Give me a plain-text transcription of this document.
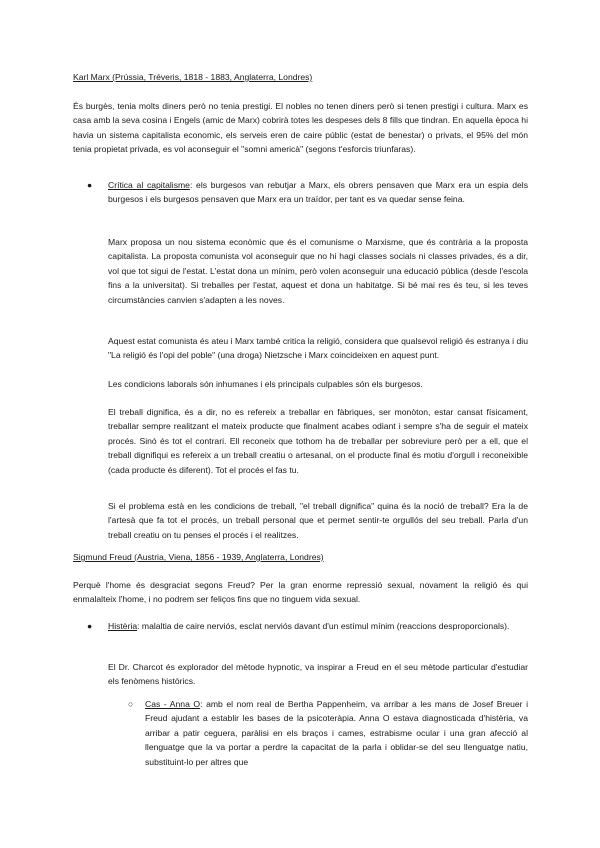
Karl Marx (Prússia, Tréveris, 1818 - 1883, Anglaterra, Londres)

És burgès, tenia molts diners però no tenia prestigi. El nobles no tenen diners però si tenen prestigi i cultura. Marx es casa amb la seva cosina i Engels (amic de Marx) cobrirà totes les despeses dels 8 fills que tindran. En aquella època hi havia un sistema capitalista economic, els serveis eren de caire públic (estat de benestar) o privats, el 95% del món tenia propietat privada, es vol aconseguir el "somni americà" (segons t'esforcis triunfaras).

● Crítica al capitalisme: els burgesos van rebutjar a Marx, els obrers pensaven que Marx era un espia dels burgesos i els burgesos pensaven que Marx era un traïdor, per tant es va quedar sense feina.

Marx proposa un nou sistema econòmic que és el comunisme o Marxisme, que és contrària a la proposta capitalista. La proposta comunista vol aconseguir que no hi hagi classes socials ni classes privades, és a dir, vol que tot sigui de l'estat. L'estat dona un mínim, però volen aconseguir una educació pública (desde l'escola fins a la universitat). Si treballes per l'estat, aquest et dona un habitatge. Si bé mai res és teu, si les teves circumstàncies canvien s'adapten a les noves.

Aquest estat comunista és ateu i Marx també critica la religió, considera que qualsevol religió és estranya i diu "La religió és l'opi del poble" (una droga) Nietzsche i Marx coincideixen en aquest punt.

Les condicions laborals són inhumanes i els principals culpables són els burgesos.

El treball dignifica, és a dir, no es refereix a treballar en fàbriques, ser monòton, estar cansat físicament, treballar sempre realitzant el mateix producte que finalment acabes odiant i sempre s'ha de seguir el mateix procés. Sinó és tot el contrari. Ell reconeix que tothom ha de treballar per sobreviure però per a ell, que el treball dignifiqui es refereix a un treball creatiu o artesanal, on el producte final és motiu d'orgull i reconeixible (cada producte és diferent). Tot el procés el fas tu.

Si el problema està en les condicions de treball, "el treball dignifica" quina és la noció de treball? Era la de l'artesà que fa tot el procés, un treball personal que et permet sentir-te orgullós del seu treball. Parla d'un treball creatiu on tu penses el procés i el realitzes.

Sigmund Freud (Austria, Viena, 1856 - 1939, Anglaterra, Londres)

Perquè l'home és desgraciat segons Freud? Per la gran enorme repressió sexual, novament la religió és qui enmalalteix l'home, i no podrem ser feliços fins que no tinguem vida sexual.

● Histèria: malaltia de caire nerviós, esclat nerviós davant d'un estímul mínim (reaccions desproporcionals).

El Dr. Charcot és explorador del mètode hypnotic, va inspirar a Freud en el seu mètode particular d'estudiar els fenòmens històrics.

○ Cas - Anna O: amb el nom real de Bertha Pappenheim, va arribar a les mans de Josef Breuer i Freud ajudant a establir les bases de la psicoteràpia. Anna O estava diagnosticada d'histèria, va arribar a patir ceguera, paràlisi en els braços i cames, estrabisme ocular i una gran afecció al llenguatge que la va portar a perdre la capacitat de la parla i oblidar-se del seu llenguatge natiu, substituint-lo per altres que
